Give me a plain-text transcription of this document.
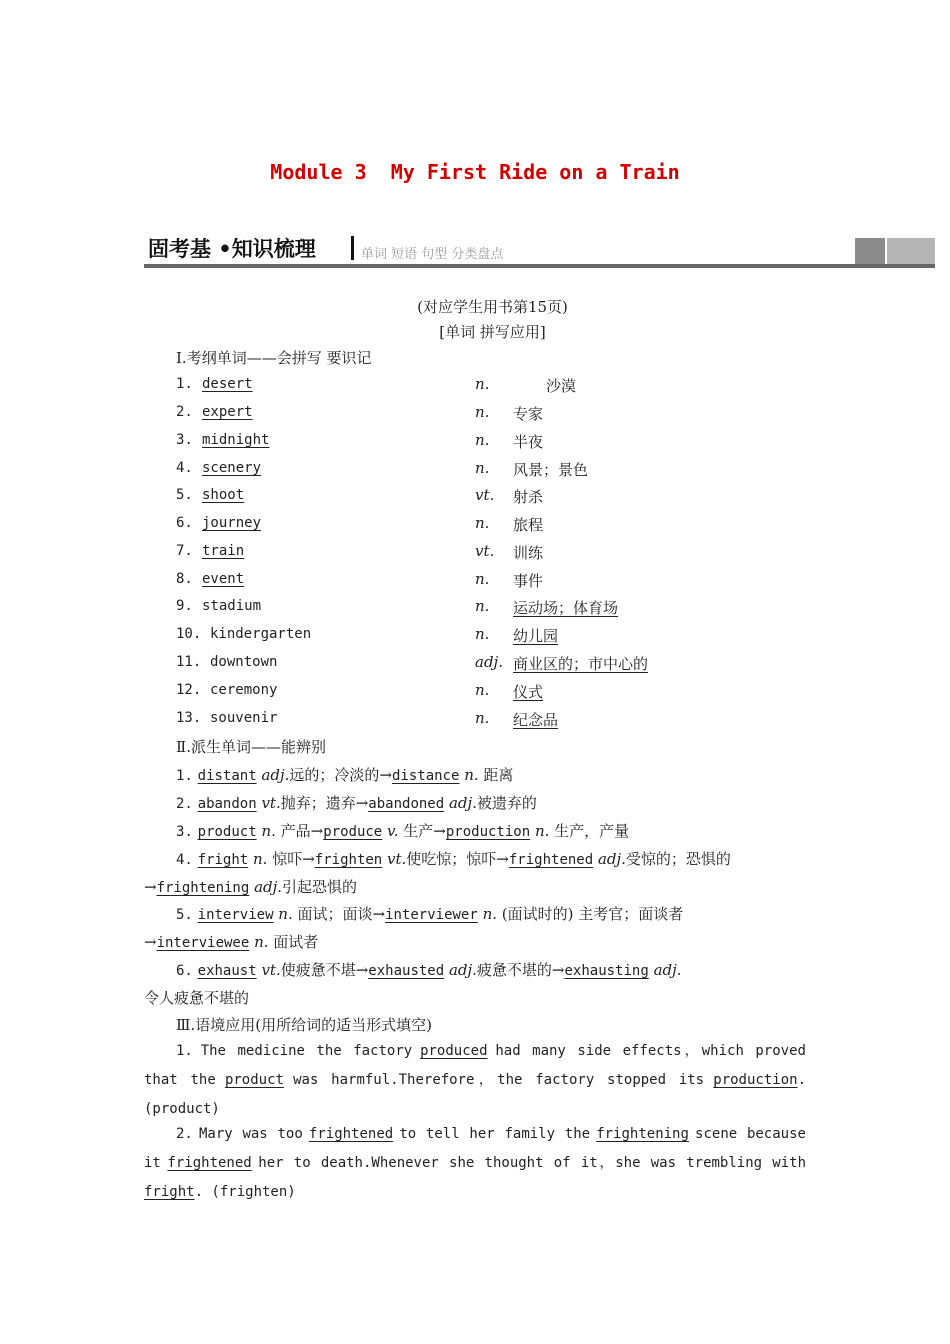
Module 3  My First Ride on a Train
固考基 •知识梳理	单词 短语 句型 分类盘点
(对应学生用书第15页)
[单词 拼写应用]
Ⅰ.考纲单词——会拼写 要识记
1. desert	n.	沙漠
2. expert	n. 专家
3. midnight	n. 半夜
4. scenery	n. 风景；景色
5. shoot	vt. 射杀
6. journey	n. 旅程
7. train	vt. 训练
8. event	n. 事件
9. stadium	n. 运动场；体育场
10. kindergarten	n. 幼儿园
11. downtown	adj. 商业区的；市中心的
12. ceremony	n. 仪式
13. souvenir	n. 纪念品
Ⅱ.派生单词——能辨别
1. distant adj.远的；冷淡的→distance n. 距离
2. abandon vt.抛弃；遗弃→abandoned adj.被遗弃的
3. product n. 产品→produce v. 生产→production n. 生产，产量
4. fright n. 惊吓→frighten vt.使吃惊；惊吓→frightened adj.受惊的；恐惧的
→frightening adj.引起恐惧的
5. interview n. 面试；面谈→interviewer n. (面试时的) 主考官；面谈者
→interviewee n. 面试者
6. exhaust vt.使疲惫不堪→exhausted adj.疲惫不堪的→exhausting adj.
令人疲惫不堪的
Ⅲ.语境应用(用所给词的适当形式填空)
1. The medicine the factory produced had many side effects，which proved that the product was harmful.Therefore，the factory stopped its production. (product)
2. Mary was too frightened to tell her family the frightening scene because it frightened her to death.Whenever she thought of it，she was trembling with fright. (frighten)
